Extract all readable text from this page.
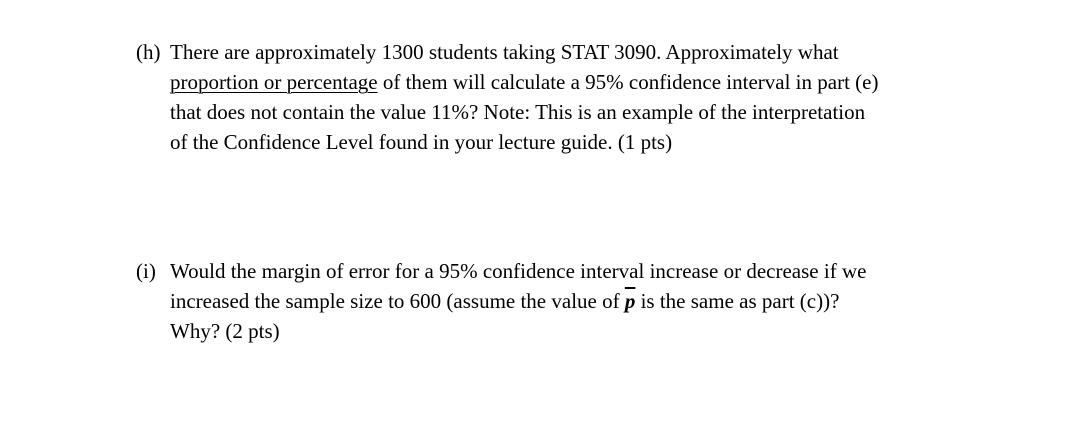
(h) There are approximately 1300 students taking STAT 3090. Approximately what
proportion or percentage of them will calculate a 95% confidence interval in part (e)
that does not contain the value 11%? Note: This is an example of the interpretation
of the Confidence Level found in your lecture guide. (1 pts)
(i) Would the margin of error for a 95% confidence interval increase or decrease if we
increased the sample size to 600 (assume the value of $\overline{p}$ is the same as part (c))?
Why? (2 pts)
